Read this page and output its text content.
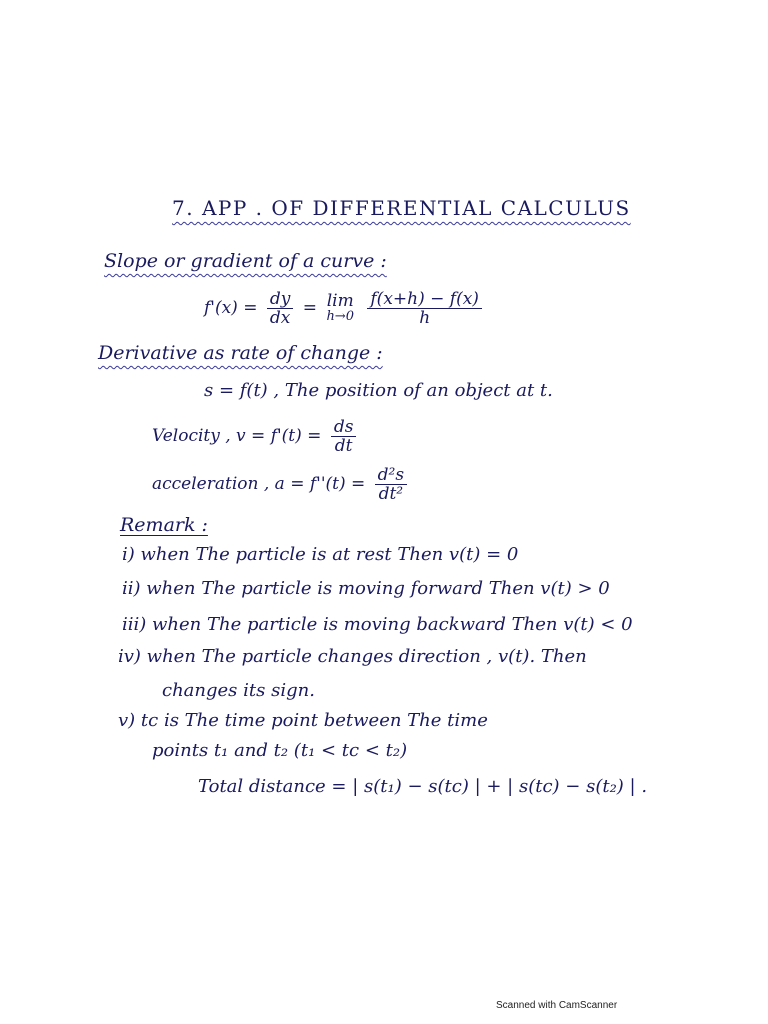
7. APP . OF DIFFERENTIAL CALCULUS
Slope or gradient of a curve :
$f'(x) = \frac{dy}{dx} = \lim$
h→0
$\frac{f(x+h) - f(x)}{h}$
Derivative as rate of change :
s = f(t) , The position of an object at t.
Velocity , $v = f'(t) = \frac{ds}{dt}$
acceleration , $a = f''(t) = \frac{\text{d²s}}{\text{dt²}}$
Remark :
i) when The particle is at rest Then v(t) = 0
ii) when The particle is moving forward Then v(t) > 0
iii) when The particle is moving backward Then v(t) < 0
iv) when The particle changes direction , v(t). Then
changes its sign.
v) tc is The time point between The time
points t₁ and t₂ (t₁ < tc < t₂)
Total distance = | s(t₁) − s(tc) | + | s(tc) − s(t₂) | .
Scanned with CamScanner
